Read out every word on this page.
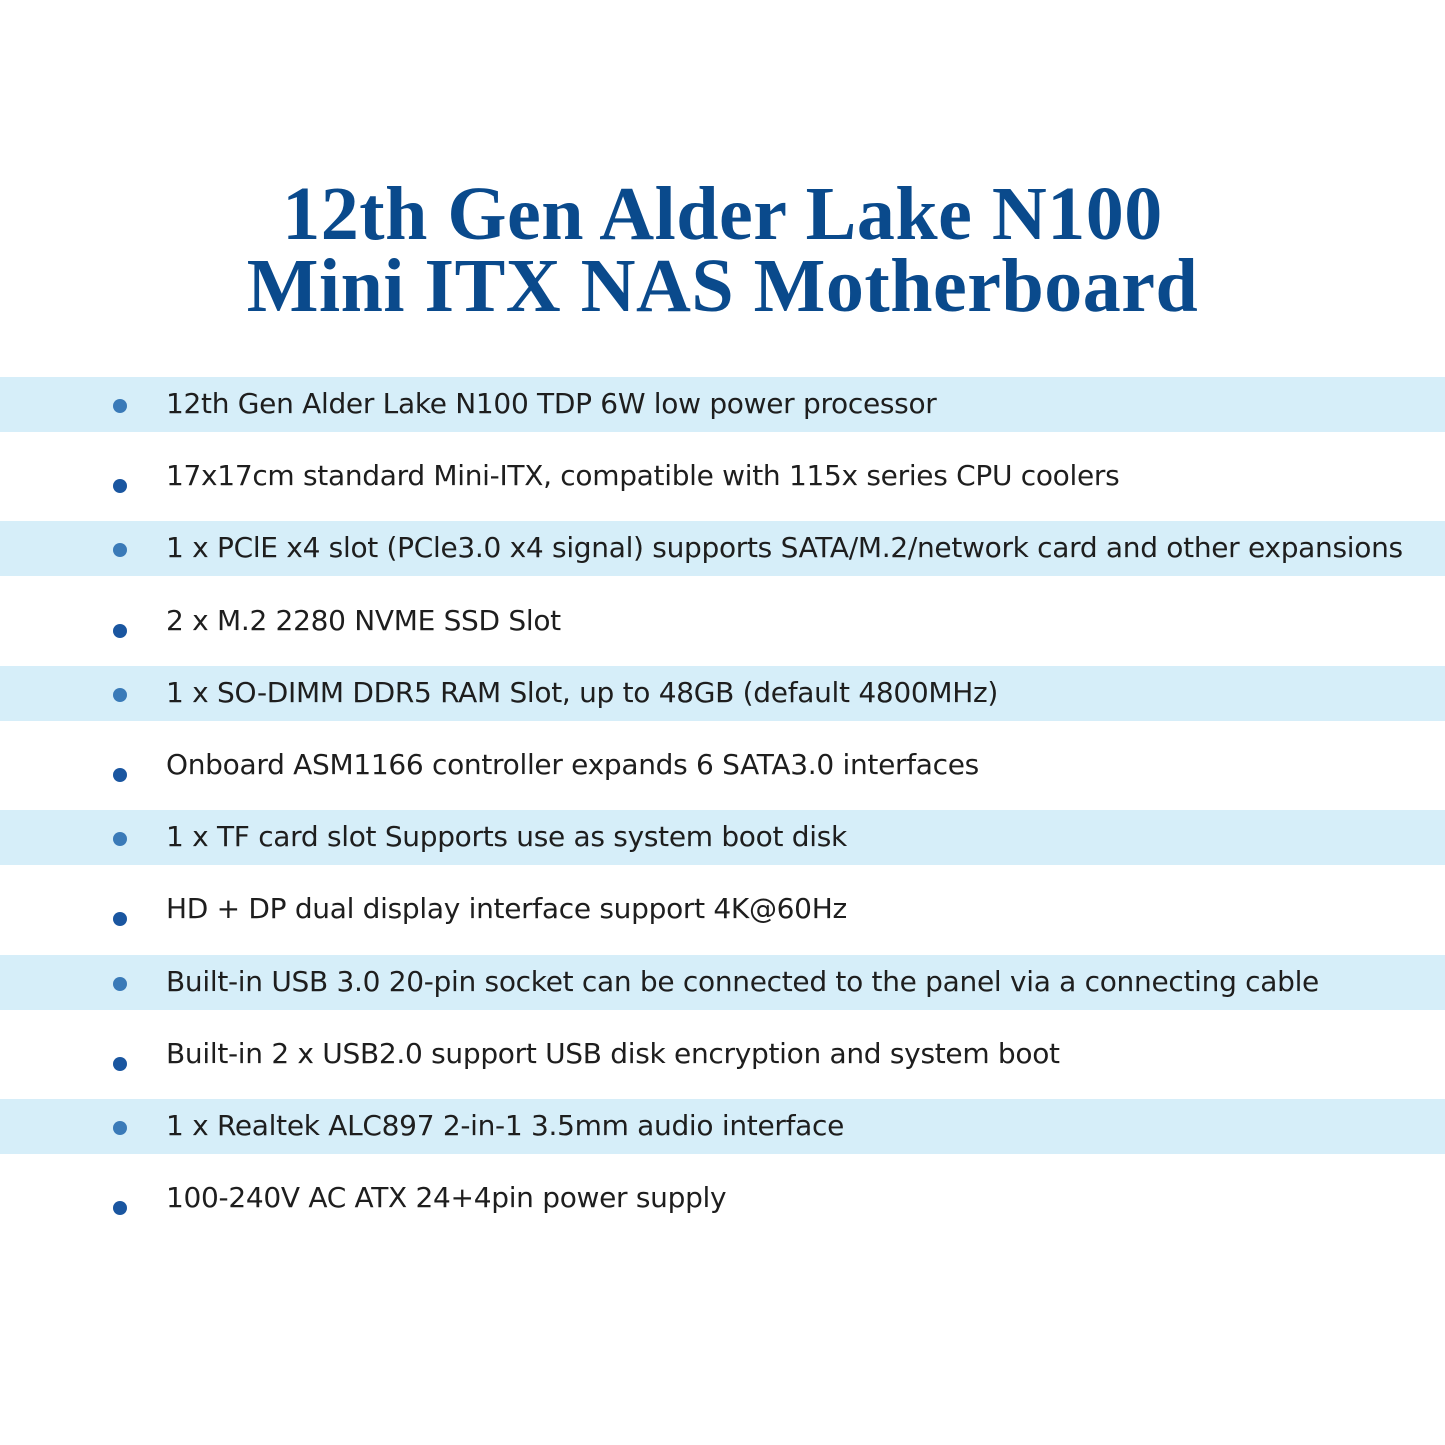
12th Gen Alder Lake N100
Mini ITX NAS Motherboard
12th Gen Alder Lake N100 TDP 6W low power processor
17x17cm standard Mini-ITX, compatible with 115x series CPU coolers
1 x PClE x4 slot (PCle3.0 x4 signal) supports SATA/M.2/network card and other expansions
2 x M.2 2280 NVME SSD Slot
1 x SO-DIMM DDR5 RAM Slot, up to 48GB (default 4800MHz)
Onboard ASM1166 controller expands 6 SATA3.0 interfaces
1 x TF card slot Supports use as system boot disk
HD + DP dual display interface support 4K@60Hz
Built-in USB 3.0 20-pin socket can be connected to the panel via a connecting cable
Built-in 2 x USB2.0 support USB disk encryption and system boot
1 x Realtek ALC897 2-in-1 3.5mm audio interface
100-240V AC ATX 24+4pin power supply
